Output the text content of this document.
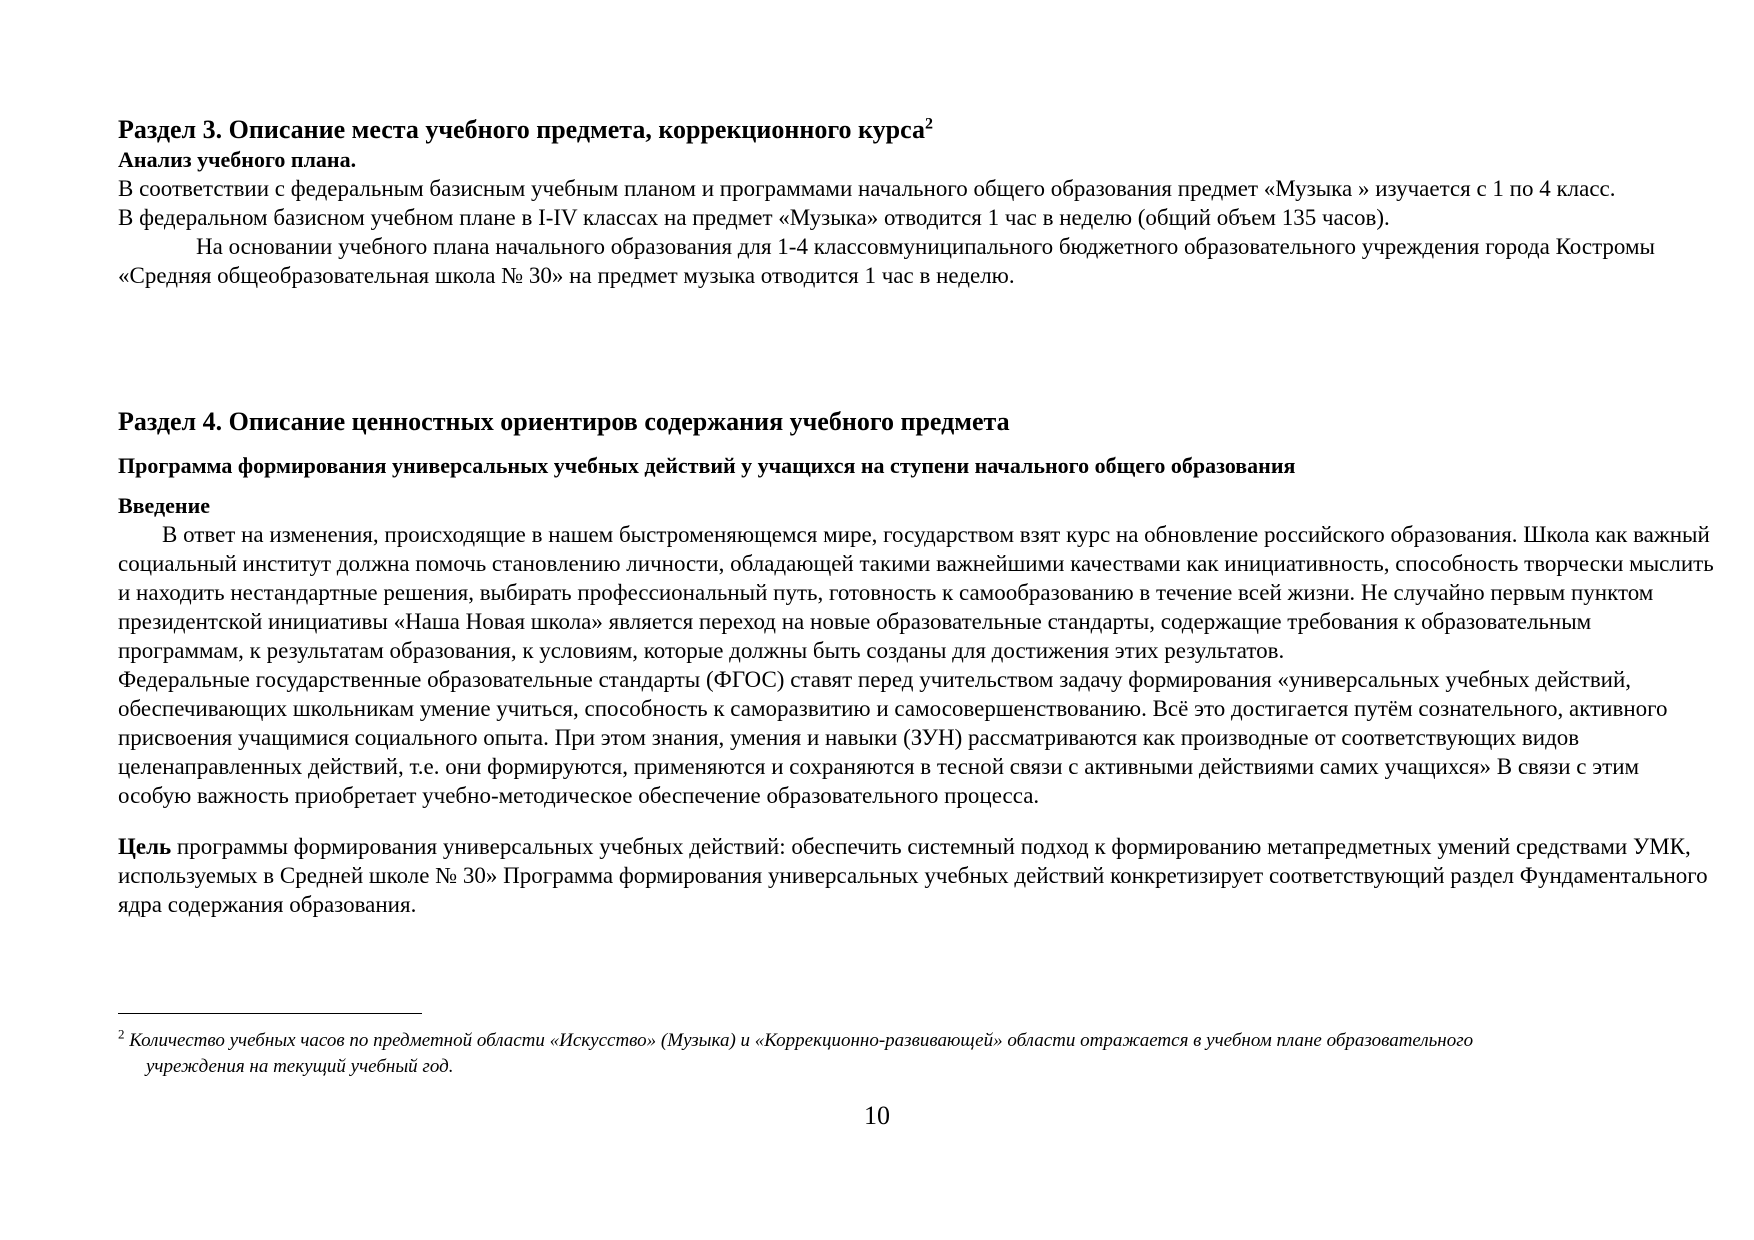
Раздел 3. Описание места учебного предмета, коррекционного курса$^2$
Анализ учебного плана.

В соответствии с федеральным базисным учебным планом и программами начального общего образования предмет «Музыка » изучается с 1 по 4 класс.

В федеральном базисном учебном плане в I-IV классах на предмет «Музыка» отводится 1 час в неделю (общий объем 135 часов).

На основании учебного плана начального образования для 1-4 классовмуниципального бюджетного образовательного учреждения города Костромы «Средняя общеобразовательная школа № 30» на предмет музыка отводится 1 час в неделю.

Раздел 4. Описание ценностных ориентиров содержания учебного предмета
Программа формирования универсальных учебных действий у учащихся на ступени начального общего образования
Введение

В ответ на изменения, происходящие в нашем быстроменяющемся мире, государством взят курс на обновление российского образования. Школа как важный социальный институт должна помочь становлению личности, обладающей такими важнейшими качествами как инициативность, способность творчески мыслить и находить нестандартные решения, выбирать профессиональный путь, готовность к самообразованию в течение всей жизни. Не случайно первым пунктом президентской инициативы «Наша Новая школа» является переход на новые образовательные стандарты, содержащие требования к образовательным программам, к результатам образования, к условиям, которые должны быть созданы для достижения этих результатов.

Федеральные государственные образовательные стандарты (ФГОС) ставят перед учительством задачу формирования «универсальных учебных действий, обеспечивающих школьникам умение учиться, способность к саморазвитию и самосовершенствованию. Всё это достигается путём сознательного, активного присвоения учащимися социального опыта. При этом знания, умения и навыки (ЗУН) рассматриваются как производные от соответствующих видов целенаправленных действий, т.е. они формируются, применяются и сохраняются в тесной связи с активными действиями самих учащихся» В связи с этим особую важность приобретает учебно-методическое обеспечение образовательного процесса.

Цель программы формирования универсальных учебных действий: обеспечить системный подход к формированию метапредметных умений средствами УМК, используемых в Средней школе № 30» Программа формирования универсальных учебных действий конкретизирует соответствующий раздел Фундаментального ядра содержания образования.

$^2$ Количество учебных часов по предметной области «Искусство» (Музыка) и «Коррекционно-развивающей» области отражается в учебном плане образовательного
учреждения на текущий учебный год.
10
